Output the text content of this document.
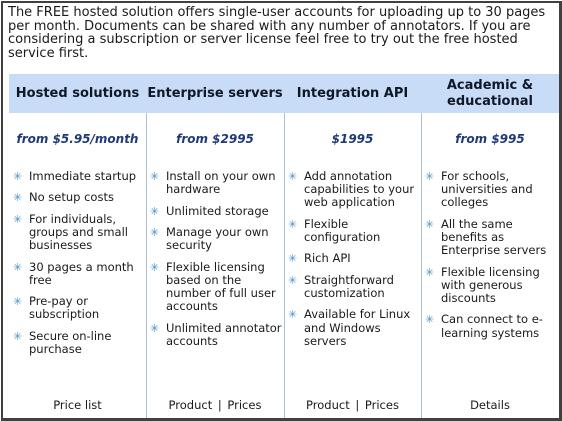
The FREE hosted solution offers single-user accounts for uploading up to 30 pages per month. Documents can be shared with any number of annotators. If you are considering a subscription or server license feel free to try out the free hosted service first.

Hosted solutions
from $5.95/month
✳ Immediate startup
✳ No setup costs
✳ For individuals, groups and small businesses
✳ 30 pages a month free
✳ Pre-pay or subscription
✳ Secure on-line purchase
Price list
Enterprise servers
from $2995
✳ Install on your own hardware
✳ Unlimited storage
✳ Manage your own security
✳ Flexible licensing based on the number of full user accounts
✳ Unlimited annotator accounts
Product | Prices
Integration API
$1995
✳ Add annotation capabilities to your web application
✳ Flexible configuration
✳ Rich API
✳ Straightforward customization
✳ Available for Linux and Windows servers
Product | Prices
Academic & educational
from $995
✳ For schools, universities and colleges
✳ All the same benefits as Enterprise servers
✳ Flexible licensing with generous discounts
✳ Can connect to e-learning systems
Details
